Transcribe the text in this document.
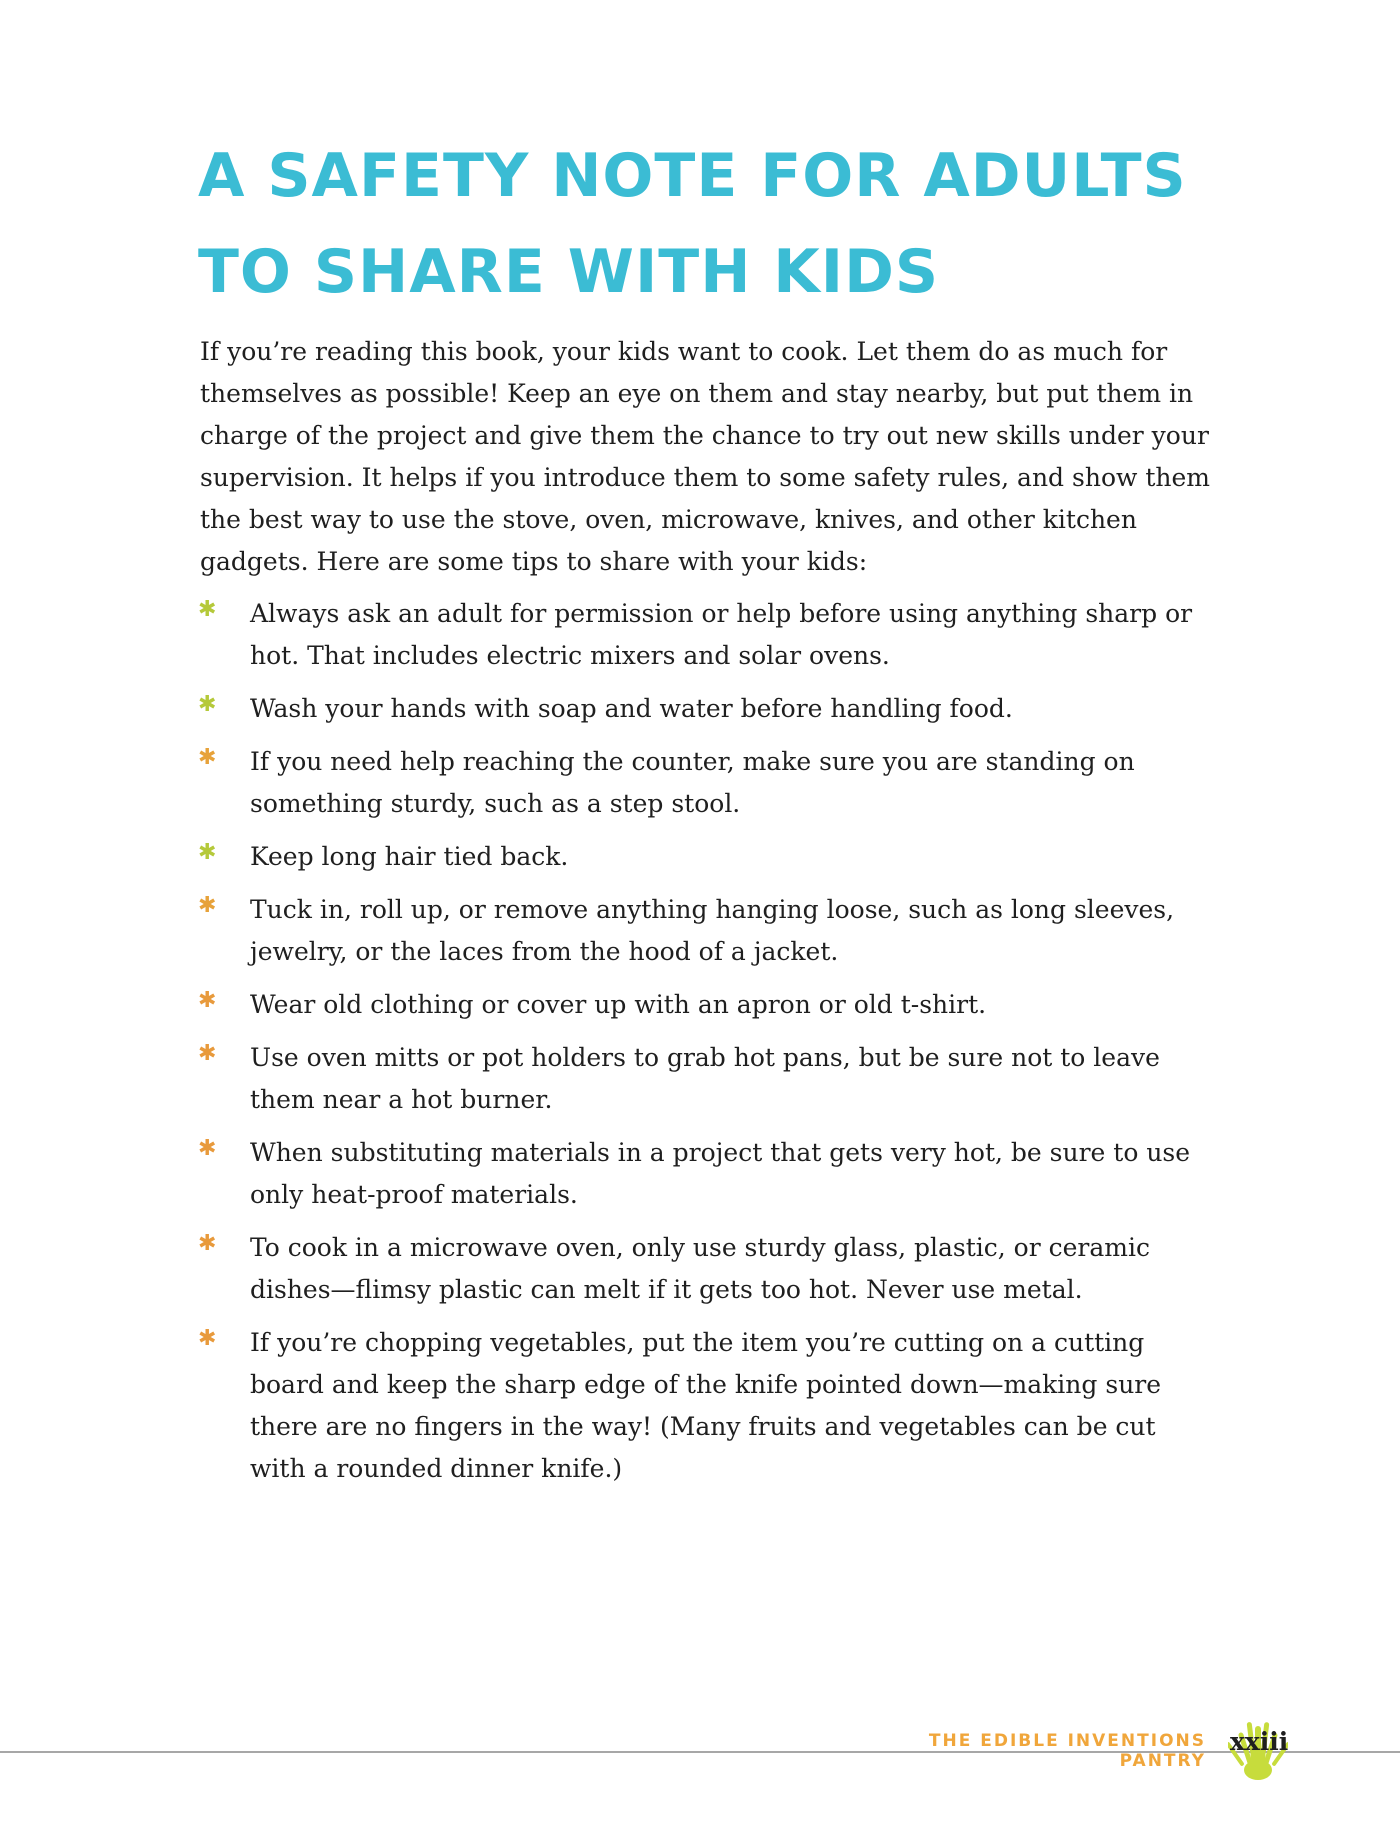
A SAFETY NOTE FOR ADULTS TO SHARE WITH KIDS

If you’re reading this book, your kids want to cook. Let them do as much for themselves as possible! Keep an eye on them and stay nearby, but put them in charge of the project and give them the chance to try out new skills under your supervision. It helps if you introduce them to some safety rules, and show them the best way to use the stove, oven, microwave, knives, and other kitchen gadgets. Here are some tips to share with your kids:

✱ Always ask an adult for permission or help before using anything sharp or hot. That includes electric mixers and solar ovens.
✱ Wash your hands with soap and water before handling food.
✱ If you need help reaching the counter, make sure you are standing on something sturdy, such as a step stool.
✱ Keep long hair tied back.
✱ Tuck in, roll up, or remove anything hanging loose, such as long sleeves, jewelry, or the laces from the hood of a jacket.
✱ Wear old clothing or cover up with an apron or old t-shirt.
✱ Use oven mitts or pot holders to grab hot pans, but be sure not to leave them near a hot burner.
✱ When substituting materials in a project that gets very hot, be sure to use only heat-proof materials.
✱ To cook in a microwave oven, only use sturdy glass, plastic, or ceramic dishes—flimsy plastic can melt if it gets too hot. Never use metal.
✱ If you’re chopping vegetables, put the item you’re cutting on a cutting board and keep the sharp edge of the knife pointed down—making sure there are no fingers in the way! (Many fruits and vegetables can be cut with a rounded dinner knife.)
THE EDIBLE INVENTIONS PANTRY
xxiii
